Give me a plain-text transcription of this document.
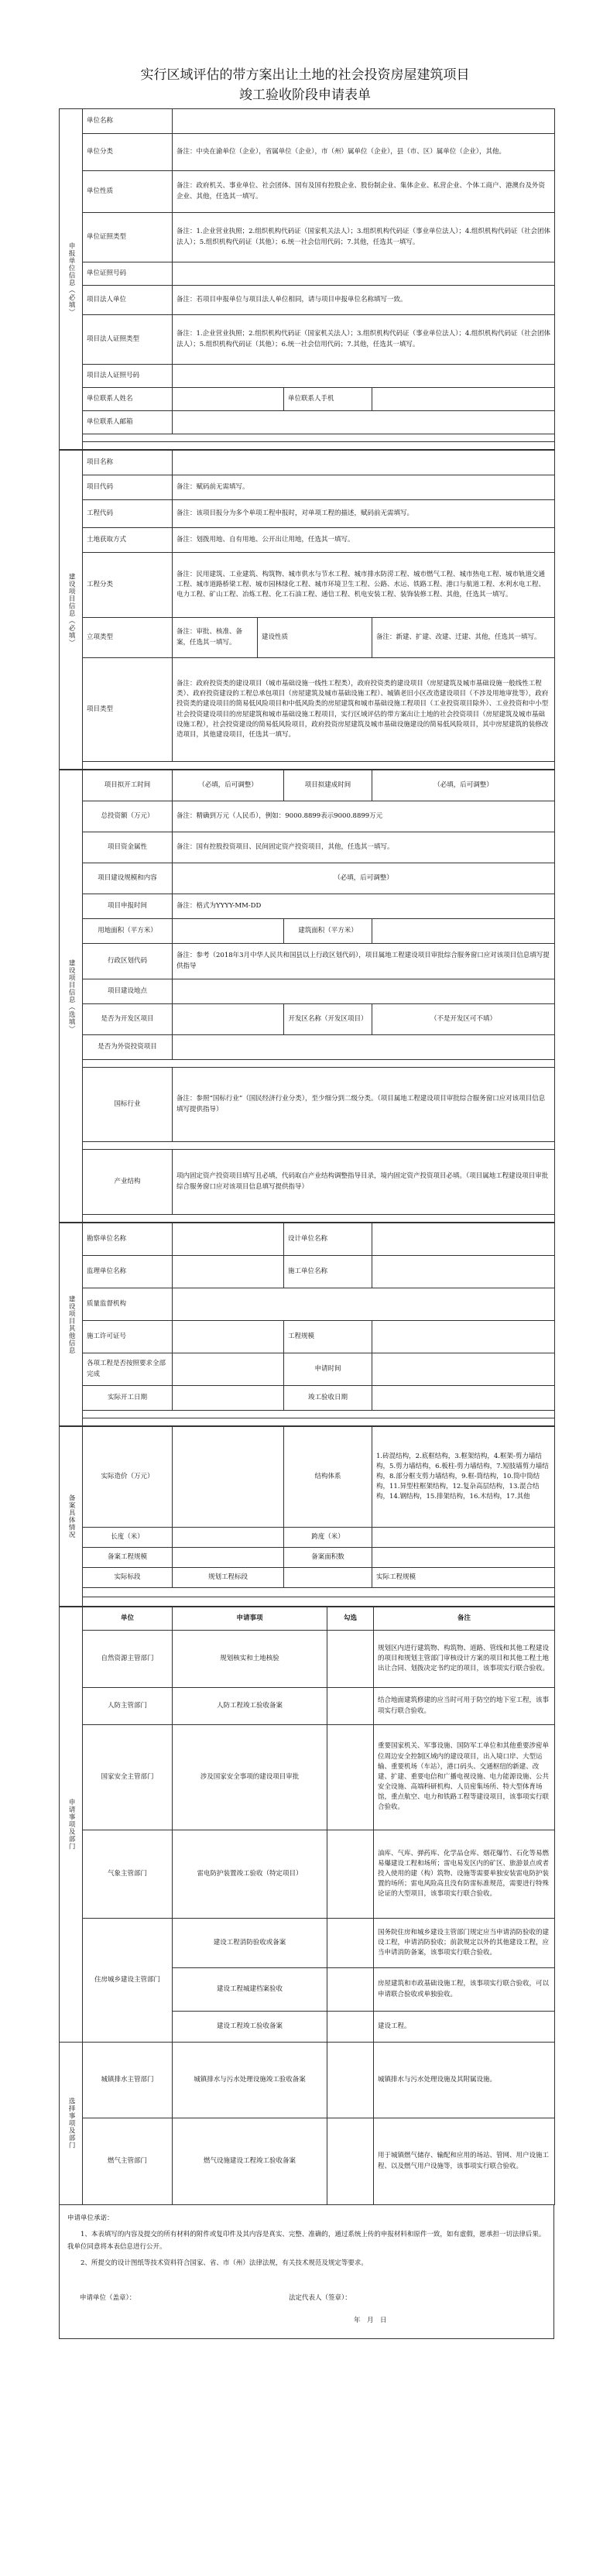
实行区域评估的带方案出让土地的社会投资房屋建筑项目
竣工验收阶段申请表单
申报单位信息（必填）	单位名称			
	单位分类	备注：中央在渝单位（企业），省属单位（企业），市（州）属单位（企业），县（市、区）属单位（企业），其他。		
	单位性质	备注：政府机关、事业单位、社会团体、国有及国有控股企业、股份制企业、集体企业、私营企业、个体工商户、港澳台及外资企业、其他，任选其一填写。		
	单位证照类型	备注：1.企业营业执照；2.组织机构代码证（国家机关法人）；3.组织机构代码证（事业单位法人）；4.组织机构代码证（社会团体法人）；5.组织机构代码证（其他）；6.统一社会信用代码；7.其他，任选其一填写。		
	单位证照号码			
	项目法人单位	备注：若项目申报单位与项目法人单位相同，请与项目申报单位名称填写一致。		
	项目法人证照类型	备注：1.企业营业执照；2.组织机构代码证（国家机关法人）；3.组织机构代码证（事业单位法人）；4.组织机构代码证（社会团体法人）；5.组织机构代码证（其他）；6.统一社会信用代码；7.其他，任选其一填写。		
	项目法人证照号码			
	单位联系人姓名		单位联系人手机	
	单位联系人邮箱			

建设项目信息（必填）	项目名称			
	项目代码	备注：赋码前无需填写。		
	工程代码	备注：该项目报分为多个单项工程申报时，对单项工程的描述，赋码前无需填写。		
	土地获取方式	备注：划拨用地、自有用地、公开出让用地，任选其一填写。		
	工程分类	备注：民用建筑、工业建筑、构筑物、城市供水与节水工程、城市排水防涝工程、城市燃气工程、城市热电工程、城市轨道交通工程、城市道路桥梁工程、城市园林绿化工程、城市环境卫生工程、公路、水运、铁路工程、港口与航道工程、水利水电工程、电力工程、矿山工程、冶炼工程、化工石油工程、通信工程、机电安装工程、装饰装修工程、其他，任选其一填写。		
	立项类型	备注：审批、核准、备案，任选其一填写。	建设性质	备注：新建、扩建、改建、迁建、其他，任选其一填写。
	项目类型	备注：政府投资类的建设项目（城市基础设施一线性工程类），政府投资类的建设项目（房屋建筑及城市基础设施一般线性工程类）、政府投资建设的工程总承包项目（房屋建筑及城市基础设施工程）、城镇老旧小区改造建设项目（不涉及用地审批等），政府投资类的建设项目的简易低风险项目和中低风险类的房屋建筑和城市基础设施工程项目（工业投资项目除外）、工业投资和中小型社会投资建设项目的房屋建筑和城市基础设施工程项目，实行区域评估的带方案出让土地的社会投资项目（房屋建筑及城市基础设施工程），社会投资建设的简易低风险项目，政府投资房屋建筑及城市基础设施建设的简易低风险项目，其中房屋建筑的装修改造项目，其他建设项目，任选其一填写。		

建设项目信息（选填）	项目拟开工时间	（必填，后可调整）	项目拟建成时间	（必填，后可调整）
	总投资额（万元）	备注：精确到万元（人民币），例如：9000.8899表示9000.8899万元		
	项目资金属性	备注：国有控股投资项目、民间固定资产投资项目，其他，任选其一填写。		
	项目建设规模和内容	（必填，后可调整）		
	项目申报时间	备注：格式为YYYY-MM-DD		
	用地面积（平方米）		建筑面积（平方米）	
	行政区划代码	备注：参考（2018年3月中华人民共和国县以上行政区划代码），项目属地工程建设项目审批综合服务窗口应对该项目信息填写提供指导		
	项目建设地点			
	是否为开发区项目		开发区名称（开发区项目）	（不是开发区可不填）
	是否为外资投资项目			

	国标行业	备注：参照“国标行业”（国民经济行业分类），至少细分到二级分类。（项目属地工程建设项目审批综合服务窗口应对该项目信息填写提供指导）		

	产业结构	项内固定资产投资项目填写且必填，代码取自产业结构调整指导目录，境内固定资产投资项目必填。（项目属地工程建设项目审批综合服务窗口应对该项目信息填写提供指导）		

建设项目其他信息	勘察单位名称		设计单位名称	
	监理单位名称		施工单位名称	
	质量监督机构			
	施工许可证号		工程规模	
	各项工程是否按照要求全部完成		申请时间	
	实际开工日期		竣工验收日期	

备案具体情况	实际造价（万元）		结构体系	1.砖混结构，2.底框结构，3.框架结构，4.框架-剪力墙结构，5.剪力墙结构，6.板柱-剪力墙结构，7.短肢墙剪力墙结构，8.部分框支剪力墙结构，9.框-筒结构，10.筒中筒结构，11.异型柱框架结构，12.复杂高层结构，13.混合结构，14.钢结构，15.排架结构，16.木结构，17.其他
	长度（米）		跨度（米）	
	备案工程规模		备案面积数	
	实际标段	规划工程标段		实际工程规模

申请事项及部门	单位	申请事项	勾选	备注
	自然资源主管部门	规划核实和土地核验		规划区内进行建筑物、构筑物、道路、管线和其他工程建设的项目和规划主管部门审核设计方案的项目和其他工程土地出让合同、划拨决定书约定的项目，该事项实行联合验收。
	人防主管部门	人防工程竣工验收备案		结合地面建筑修建的应当时可用于防空的地下室工程，该事项实行联合验收。
	国家安全主管部门	涉及国家安全事项的建设项目审批		重要国家机关、军事设施、国防军工单位和其他重要涉密单位周边安全控制区域内的建设项目，出入境口岸、大型运输、重要机场（车站），港口码头、交通枢纽的新建、改建、扩建、重要电信和广播电视设施、电力能源设施、公共安全设施、高端科研机构、人员密集场所、特大型体育场馆，重点航空、电力和铁路工程等建设项目，该事项实行联合验收。
	气象主管部门	雷电防护装置竣工验收（特定项目）		油库、气库、弹药库、化学品仓库、烟花爆竹、石化等易燃易爆建设工程和场所；雷电易发区内的矿区、旅游景点或者投入使用的建（构）筑物、设施等需要单独安装雷电防护装置的场所；雷电风险高且没有防雷标准规范，需要进行特殊论证的大型项目，该事项实行联合验收。
	住房城乡建设主管部门	建设工程消防验收或备案		国务院住房和城乡建设主管部门规定应当申请消防验收的建设工程，申请消防验收；前款规定以外的其他建设工程，应当申请消防备案，该事项实行联合验收。
		建设工程城建档案验收		房屋建筑和市政基础设施工程，该事项实行联合验收，可以申请联合验收或单独验收。
		建设工程竣工验收备案		建设工程。
选择事项及部门	城镇排水主管部门	城镇排水与污水处理设施竣工验收备案		城镇排水与污水处理设施及其附属设施。
	燃气主管部门	燃气设施建设工程竣工验收备案		用于城镇燃气储存、输配和应用的场站、管网、用户设施工程、以及燃气用户设施等，该事项实行联合验收。
申请单位承诺：
1、本表填写的内容及提交的所有材料的附件或复印件及其内容是真实、完整、准确的，通过系统上传的申报材料和原件一致，如有虚假，愿承担一切法律后果。我单位同意将本表信息进行公开。
2、所提交的设计图纸等技术资料符合国家、省、市（州）法律法规，有关技术规范及规定等要求。
申请单位（盖章）：	法定代表人（签章）：
年　月　日
